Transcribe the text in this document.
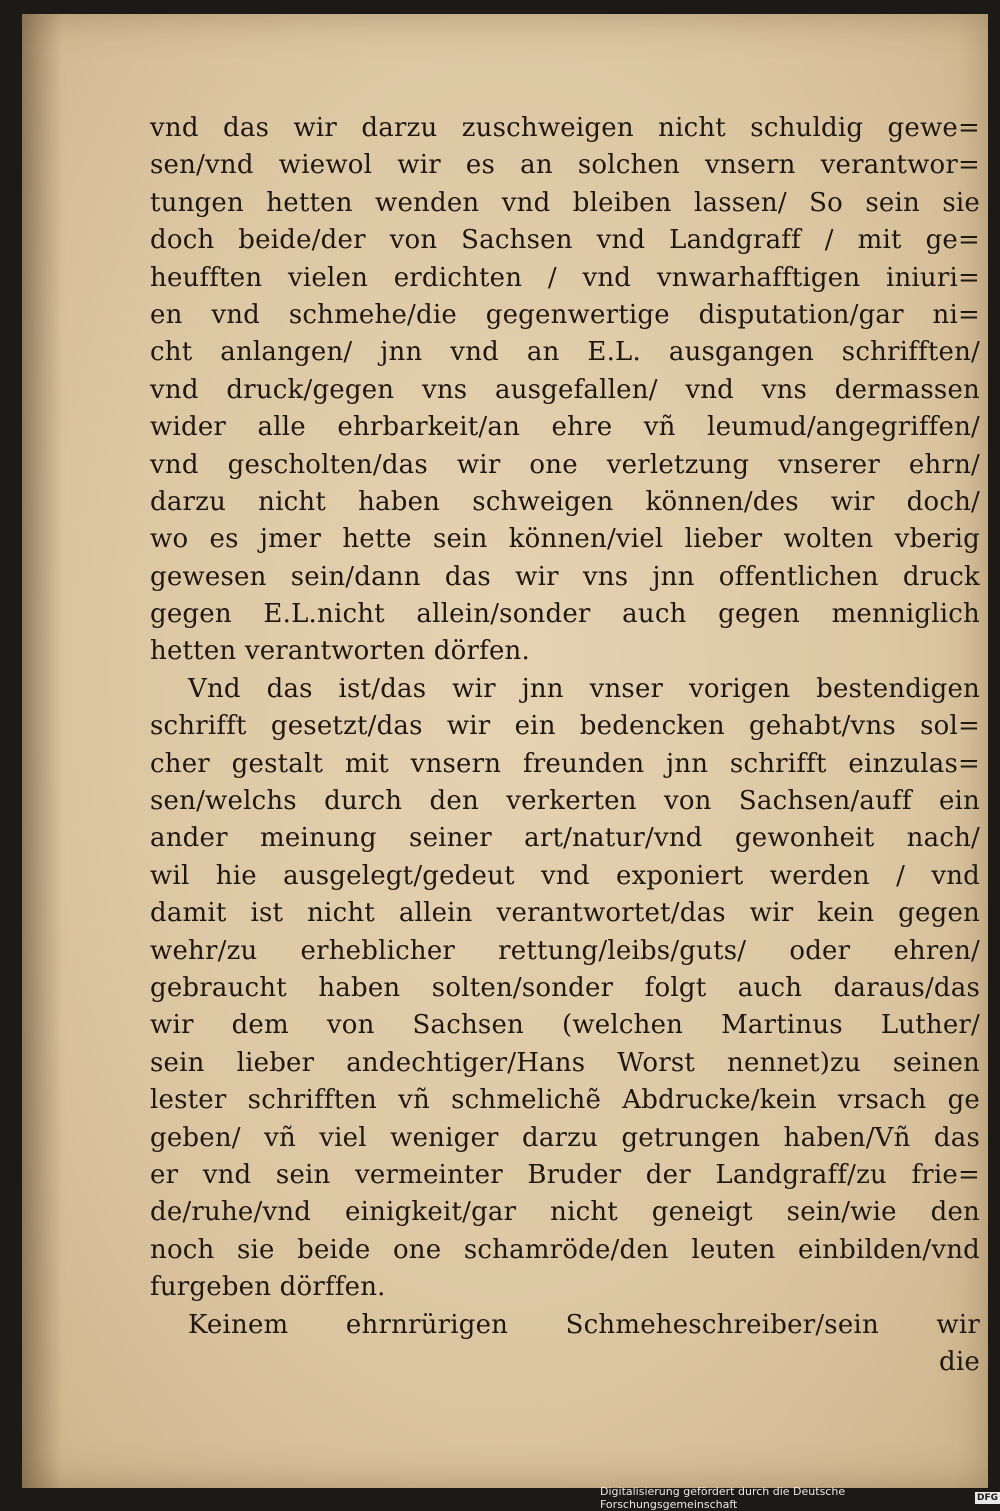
vnd das wir darzu zuschweigen nicht schuldig gewe=
sen/vnd wiewol wir es an solchen vnsern verantwor=
tungen hetten wenden vnd bleiben lassen/ So sein sie
doch beide/der von Sachsen vnd Landgraff / mit ge=
heufften vielen erdichten / vnd vnwarhafftigen iniuri=
en vnd schmehe/die gegenwertige disputation/gar ni=
cht anlangen/ jnn vnd an E.L. ausgangen schrifften/
vnd druck/gegen vns ausgefallen/ vnd vns dermassen
wider alle ehrbarkeit/an ehre vñ leumud/angegriffen/
vnd gescholten/das wir one verletzung vnserer ehrn/
darzu nicht haben schweigen können/des wir doch/
wo es jmer hette sein können/viel lieber wolten vberig
gewesen sein/dann das wir vns jnn offentlichen druck
gegen E.L.nicht allein/sonder auch gegen menniglich
hetten verantworten dörfen.
Vnd das ist/das wir jnn vnser vorigen bestendigen
schrifft gesetzt/das wir ein bedencken gehabt/vns sol=
cher gestalt mit vnsern freunden jnn schrifft einzulas=
sen/welchs durch den verkerten von Sachsen/auff ein
ander meinung seiner art/natur/vnd gewonheit nach/
wil hie ausgelegt/gedeut vnd exponiert werden / vnd
damit ist nicht allein verantwortet/das wir kein gegen
wehr/zu erheblicher rettung/leibs/guts/ oder ehren/
gebraucht haben solten/sonder folgt auch daraus/das
wir dem von Sachsen (welchen Martinus Luther/
sein lieber andechtiger/Hans Worst nennet)zu seinen
lester schrifften vñ schmelichẽ Abdrucke/kein vrsach ge
geben/ vñ viel weniger darzu getrungen haben/Vñ das
er vnd sein vermeinter Bruder der Landgraff/zu frie=
de/ruhe/vnd einigkeit/gar nicht geneigt sein/wie den
noch sie beide one schamröde/den leuten einbilden/vnd
furgeben dörffen.
Keinem ehrnrürigen Schmeheschreiber/sein wir
die
Digitalisierung gefördert durch die Deutsche Forschungsgemeinschaft	DFG
